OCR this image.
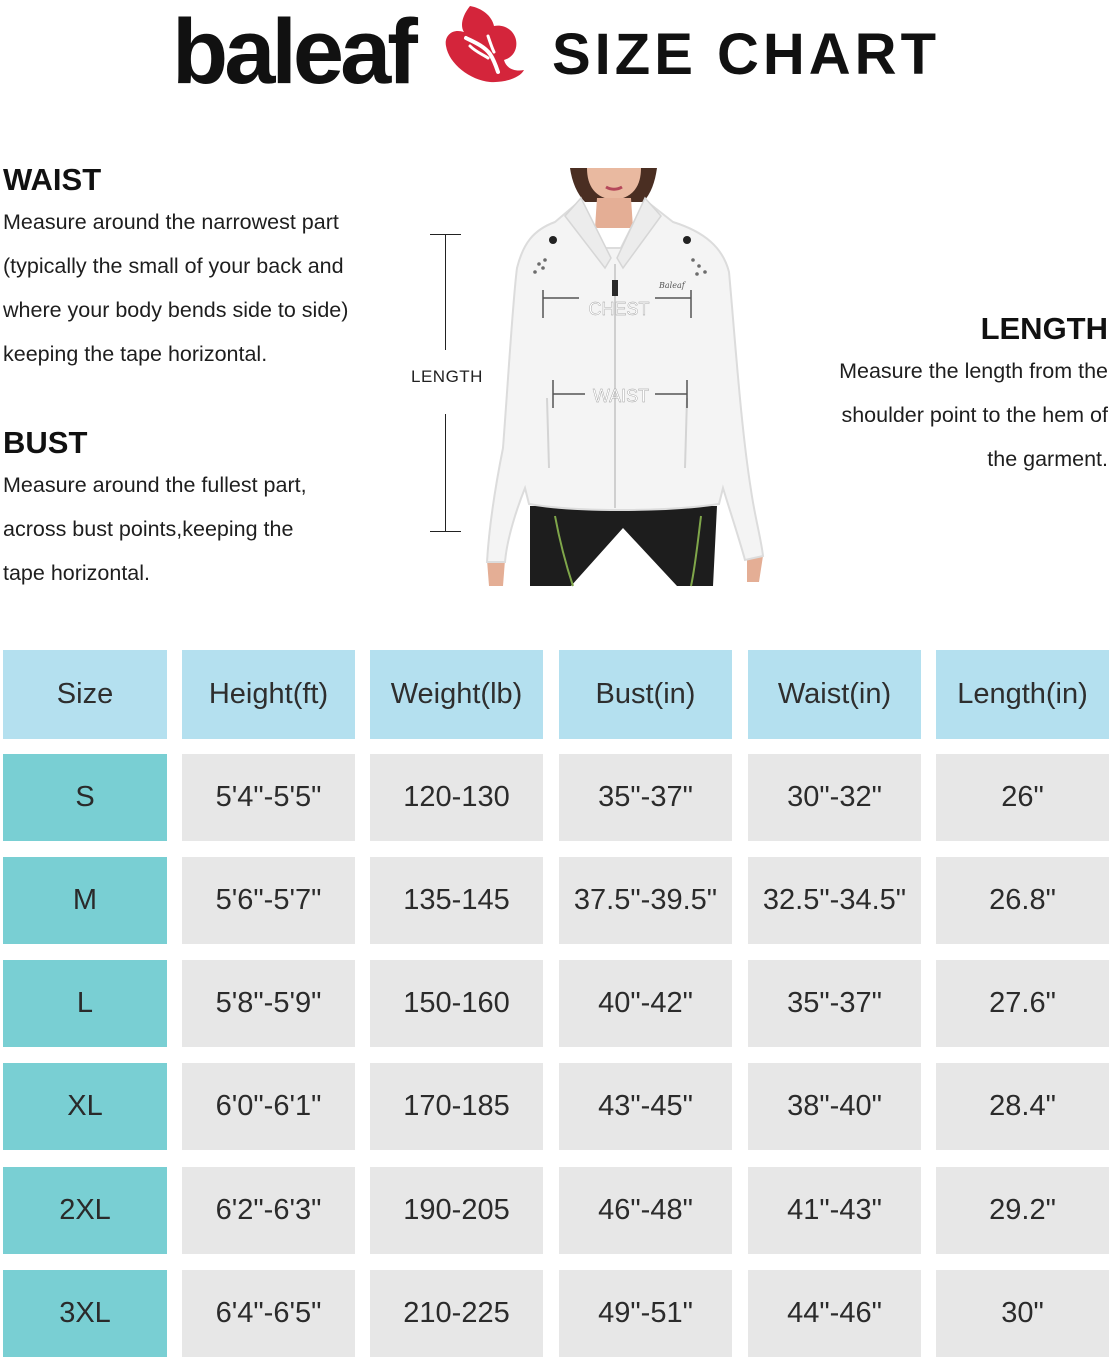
baleaf SIZE CHART
WAIST

Measure around the narrowest part

(typically the small of your back and

where your body bends side to side)

keeping the tape horizontal.

BUST

Measure around the fullest part,

across bust points,keeping the

tape horizontal.

LENGTH

Measure the length from the

shoulder point to the hem of

the garment.

LENGTH
CHEST
WAIST
Baleaf
Size	Height(ft)	Weight(lb)	Bust(in)	Waist(in)	Length(in)
S	5'4"-5'5"	120-130	35"-37"	30"-32"	26"
M	5'6"-5'7"	135-145	37.5"-39.5"	32.5"-34.5"	26.8"
L	5'8"-5'9"	150-160	40"-42"	35"-37"	27.6"
XL	6'0"-6'1"	170-185	43"-45"	38"-40"	28.4"
2XL	6'2"-6'3"	190-205	46"-48"	41"-43"	29.2"
3XL	6'4"-6'5"	210-225	49"-51"	44"-46"	30"
